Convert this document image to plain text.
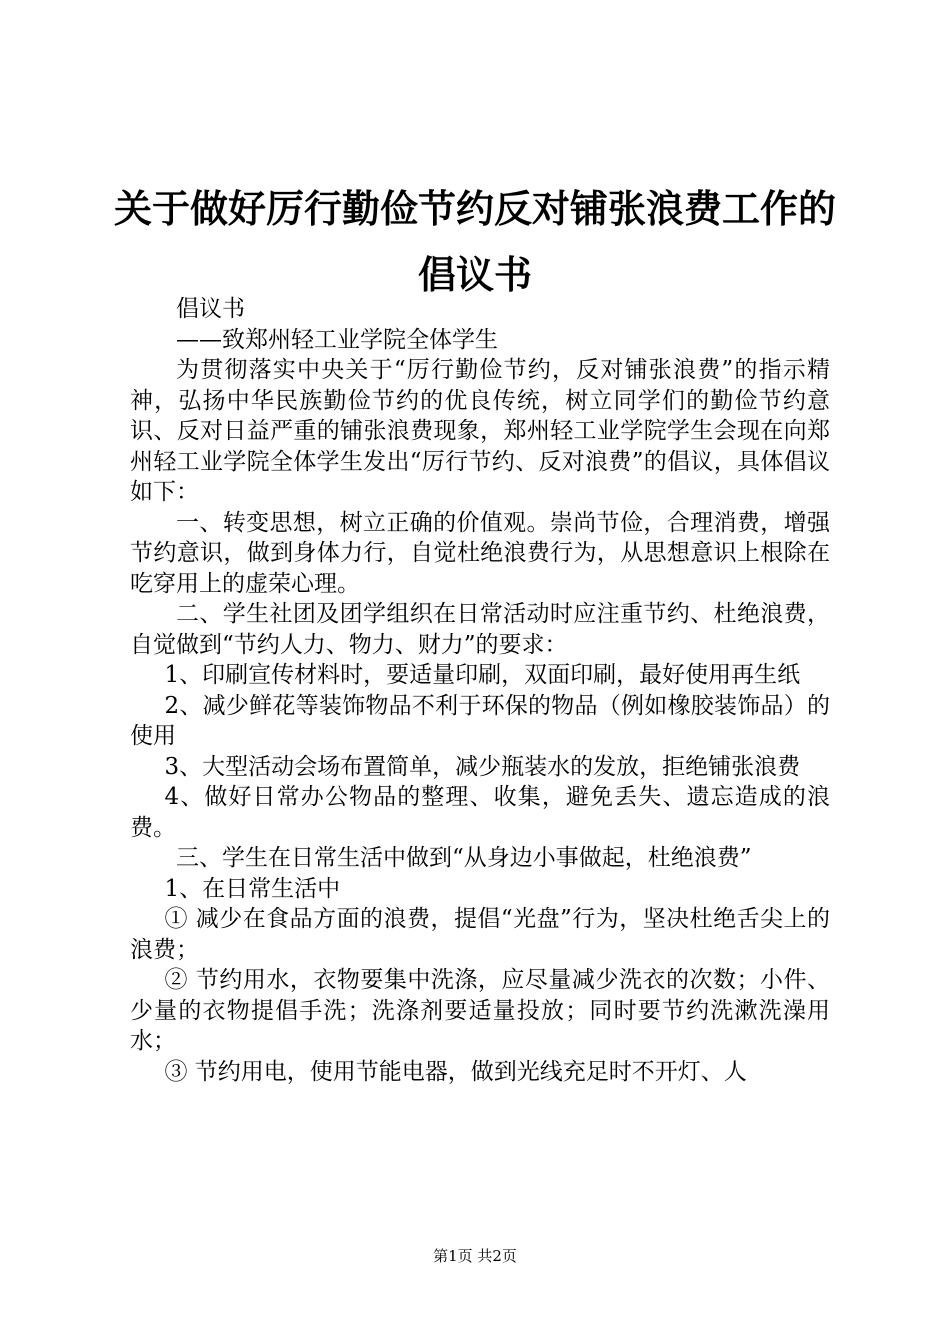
关于做好厉行勤俭节约反对铺张浪费工作的倡议书

倡议书

——致郑州轻工业学院全体学生

为贯彻落实中央关于“厉行勤俭节约，反对铺张浪费”的指示精神，弘扬中华民族勤俭节约的优良传统，树立同学们的勤俭节约意识、反对日益严重的铺张浪费现象，郑州轻工业学院学生会现在向郑州轻工业学院全体学生发出“厉行节约、反对浪费”的倡议，具体倡议如下：

一、转变思想，树立正确的价值观。崇尚节俭，合理消费，增强节约意识，做到身体力行，自觉杜绝浪费行为，从思想意识上根除在吃穿用上的虚荣心理。

二、学生社团及团学组织在日常活动时应注重节约、杜绝浪费，自觉做到“节约人力、物力、财力”的要求：

1、印刷宣传材料时，要适量印刷，双面印刷，最好使用再生纸

2、减少鲜花等装饰物品不利于环保的物品（例如橡胶装饰品）的使用

3、大型活动会场布置简单，减少瓶装水的发放，拒绝铺张浪费

4、做好日常办公物品的整理、收集，避免丢失、遗忘造成的浪费。

三、学生在日常生活中做到“从身边小事做起，杜绝浪费”

1、在日常生活中

① 减少在食品方面的浪费，提倡“光盘”行为，坚决杜绝舌尖上的浪费；

② 节约用水，衣物要集中洗涤，应尽量减少洗衣的次数；小件、少量的衣物提倡手洗；洗涤剂要适量投放；同时要节约洗漱洗澡用水；

③ 节约用电，使用节能电器，做到光线充足时不开灯、人

第1页 共2页
